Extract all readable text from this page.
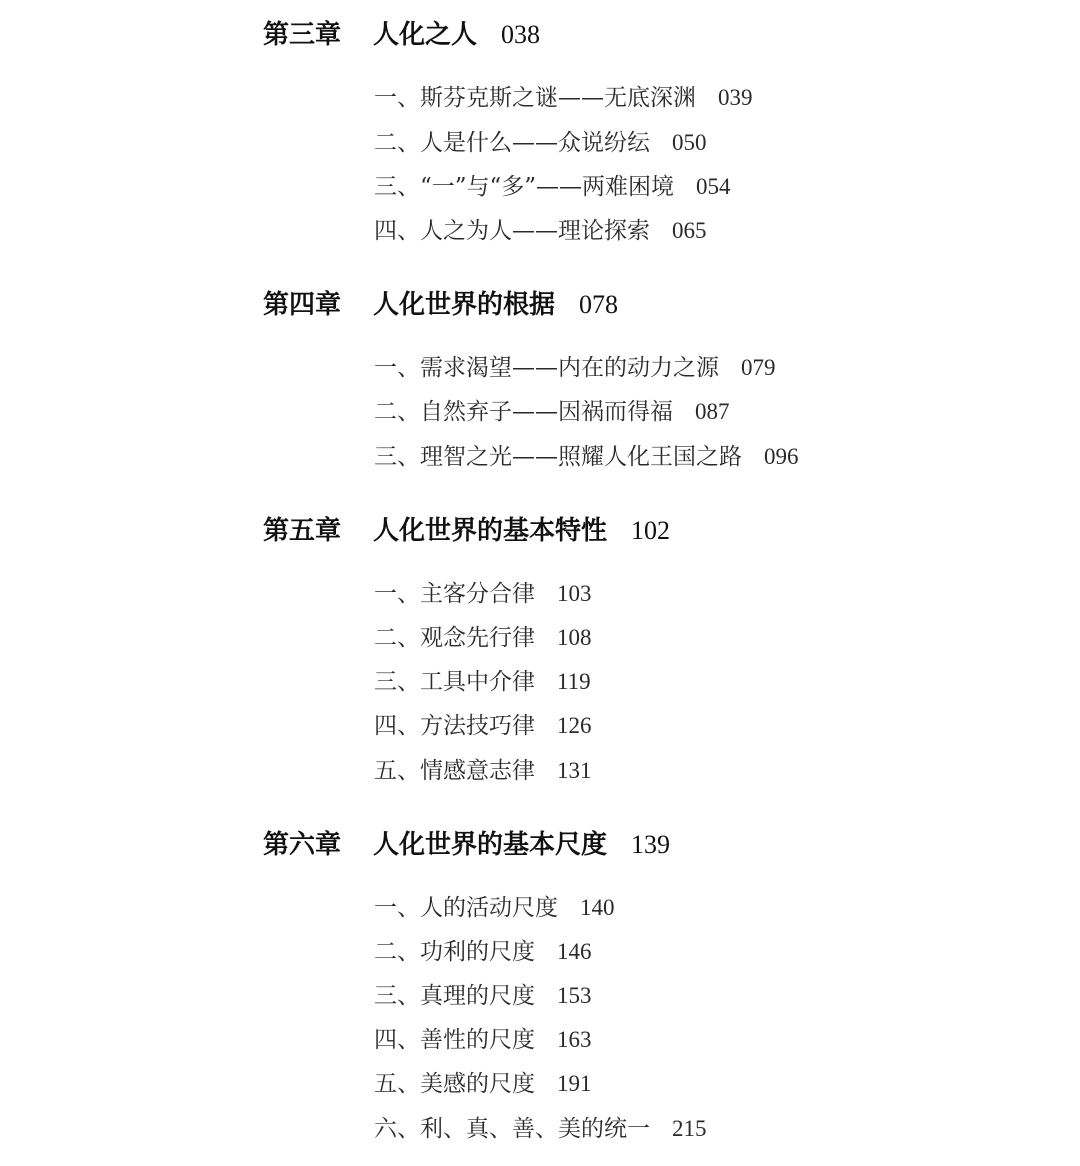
第三章 人化之人 038
一、斯芬克斯之谜——无底深渊 039
二、人是什么——众说纷纭 050
三、“一”与“多”——两难困境 054
四、人之为人——理论探索 065
第四章 人化世界的根据 078
一、需求渴望——内在的动力之源 079
二、自然弃子——因祸而得福 087
三、理智之光——照耀人化王国之路 096
第五章 人化世界的基本特性 102
一、主客分合律 103
二、观念先行律 108
三、工具中介律 119
四、方法技巧律 126
五、情感意志律 131
第六章 人化世界的基本尺度 139
一、人的活动尺度 140
二、功利的尺度 146
三、真理的尺度 153
四、善性的尺度 163
五、美感的尺度 191
六、利、真、善、美的统一 215
